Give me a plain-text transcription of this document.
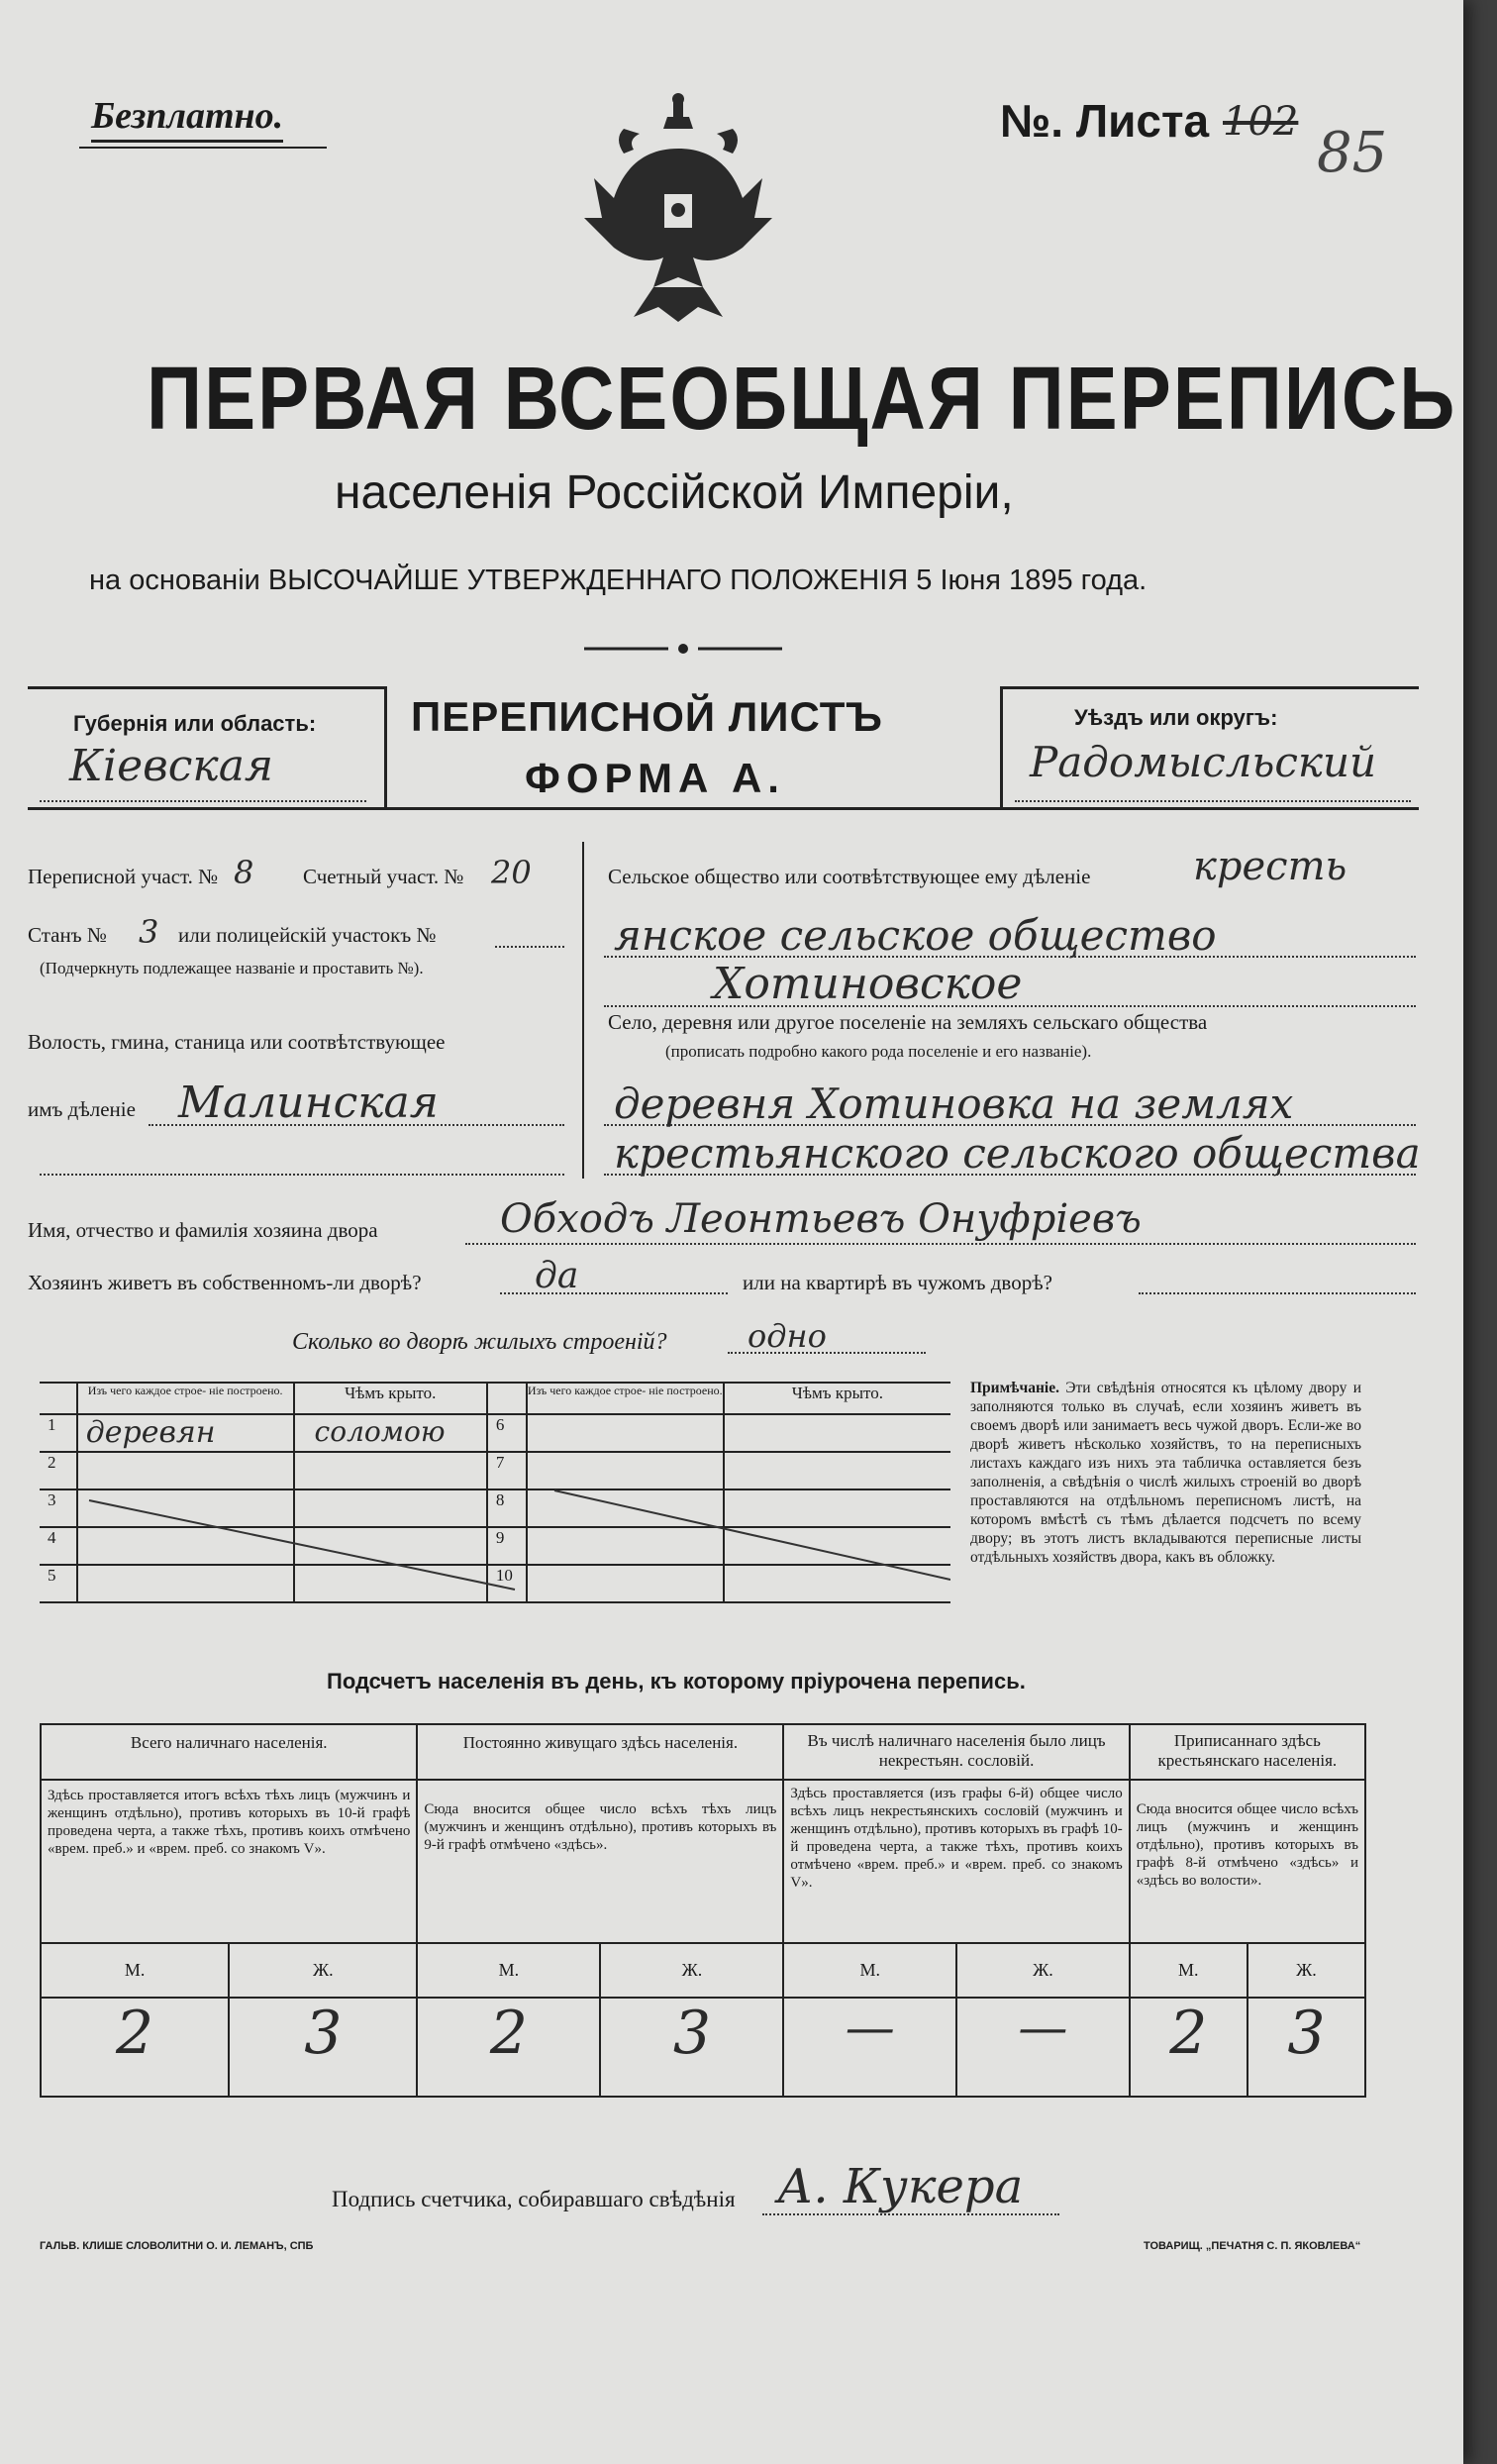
Безплатно.	№. Листа 102 85
ПЕРВАЯ ВСЕОБЩАЯ ПЕРЕПИСЬ
населенія Россійской Имперіи,
на основаніи ВЫСОЧАЙШЕ УТВЕРЖДЕННАГО ПОЛОЖЕНІЯ 5 Іюня 1895 года.
Губернія или область:
Кіевская
ПЕРЕПИСНОЙ ЛИСТЪ
ФОРМА А.
Уѣздъ или округъ:
Радомысльский
Переписной участ. № 8 Счетный участ. № 20
Станъ № 3 или полицейскій участокъ №
(Подчеркнуть подлежащее названіе и проставить №).
Волость, гмина, станица или соотвѣтствующее
имъ дѣленіе Малинская
Сельское общество или соотвѣтствующее ему дѣленіе	кресть
янское сельское общество
Хотиновское
Село, деревня или другое поселеніе на земляхъ сельскаго общества
(прописать подробно какого рода поселеніе и его названіе).
деревня Хотиновка на землях
крестьянского сельского общества
Имя, отчество и фамилія хозяина двора	Обходъ Леонтьевъ Онуфріевъ
Хозяинъ живетъ въ собственномъ-ли дворѣ?	да	или на квартирѣ въ чужомъ дворѣ?
Сколько во дворѣ жилыхъ строеній?	одно
	Изъ чего каждое строе- ніе построено.	Чѣмъ крыто.		Изъ чего каждое строе- ніе построено.	Чѣмъ крыто.
1	деревян	соломою	6		
2			7		
3			8		
4			9		
5			10		
Примѣчаніе. Эти свѣдѣнія относятся къ цѣлому двору и заполняются только въ случаѣ, если хозяинъ живетъ въ своемъ дворѣ или занимаетъ весь чужой дворъ. Если-же во дворѣ живетъ нѣсколько хозяйствъ, то на переписныхъ листахъ каждаго изъ нихъ эта табличка оставляется безъ заполненія, а свѣдѣнія о числѣ жилыхъ строеній во дворѣ проставляются на отдѣльномъ переписномъ листѣ, на которомъ вмѣстѣ съ тѣмъ дѣлается подсчетъ по всему двору; въ этотъ листъ вкладываются переписные листы отдѣльныхъ хозяйствъ двора, какъ въ обложку.
Подсчетъ населенія въ день, къ которому пріурочена перепись.
Всего наличнаго населенія.		Постоянно живущаго здѣсь населенія.		Въ числѣ наличнаго населенія было лицъ некрестьян. сословій.		Приписаннаго здѣсь крестьянскаго населенія.	
Здѣсь проставляется итогъ всѣхъ тѣхъ лицъ (мужчинъ и женщинъ отдѣльно), противъ которыхъ въ 10-й графѣ проведена черта, а также тѣхъ, противъ коихъ отмѣчено «врем. преб.» и «врем. преб. со знакомъ V».		Сюда вносится общее число всѣхъ тѣхъ лицъ (мужчинъ и женщинъ отдѣльно), противъ которыхъ въ 9-й графѣ отмѣчено «здѣсь».		Здѣсь проставляется (изъ графы 6-й) общее число всѣхъ лицъ некрестьянскихъ сословій (мужчинъ и женщинъ отдѣльно), противъ которыхъ въ графѣ 10-й проведена черта, а также тѣхъ, противъ коихъ отмѣчено «врем. преб.» и «врем. преб. со знакомъ V».		Сюда вносится общее число всѣхъ лицъ (мужчинъ и женщинъ отдѣльно), противъ которыхъ въ графѣ 8-й отмѣчено «здѣсь» и «здѣсь во волости».	
М.	Ж.	М.	Ж.	М.	Ж.	М.	Ж.
2	3	2	3	—	—	2	3
Подпись счетчика, собиравшаго свѣдѣнія А. Кукера
ГАЛЬВ. КЛИШЕ СЛОВОЛИТНИ О. И. ЛЕМАНЪ, СПБ	ТОВАРИЩ. „ПЕЧАТНЯ С. П. ЯКОВЛЕВА“
